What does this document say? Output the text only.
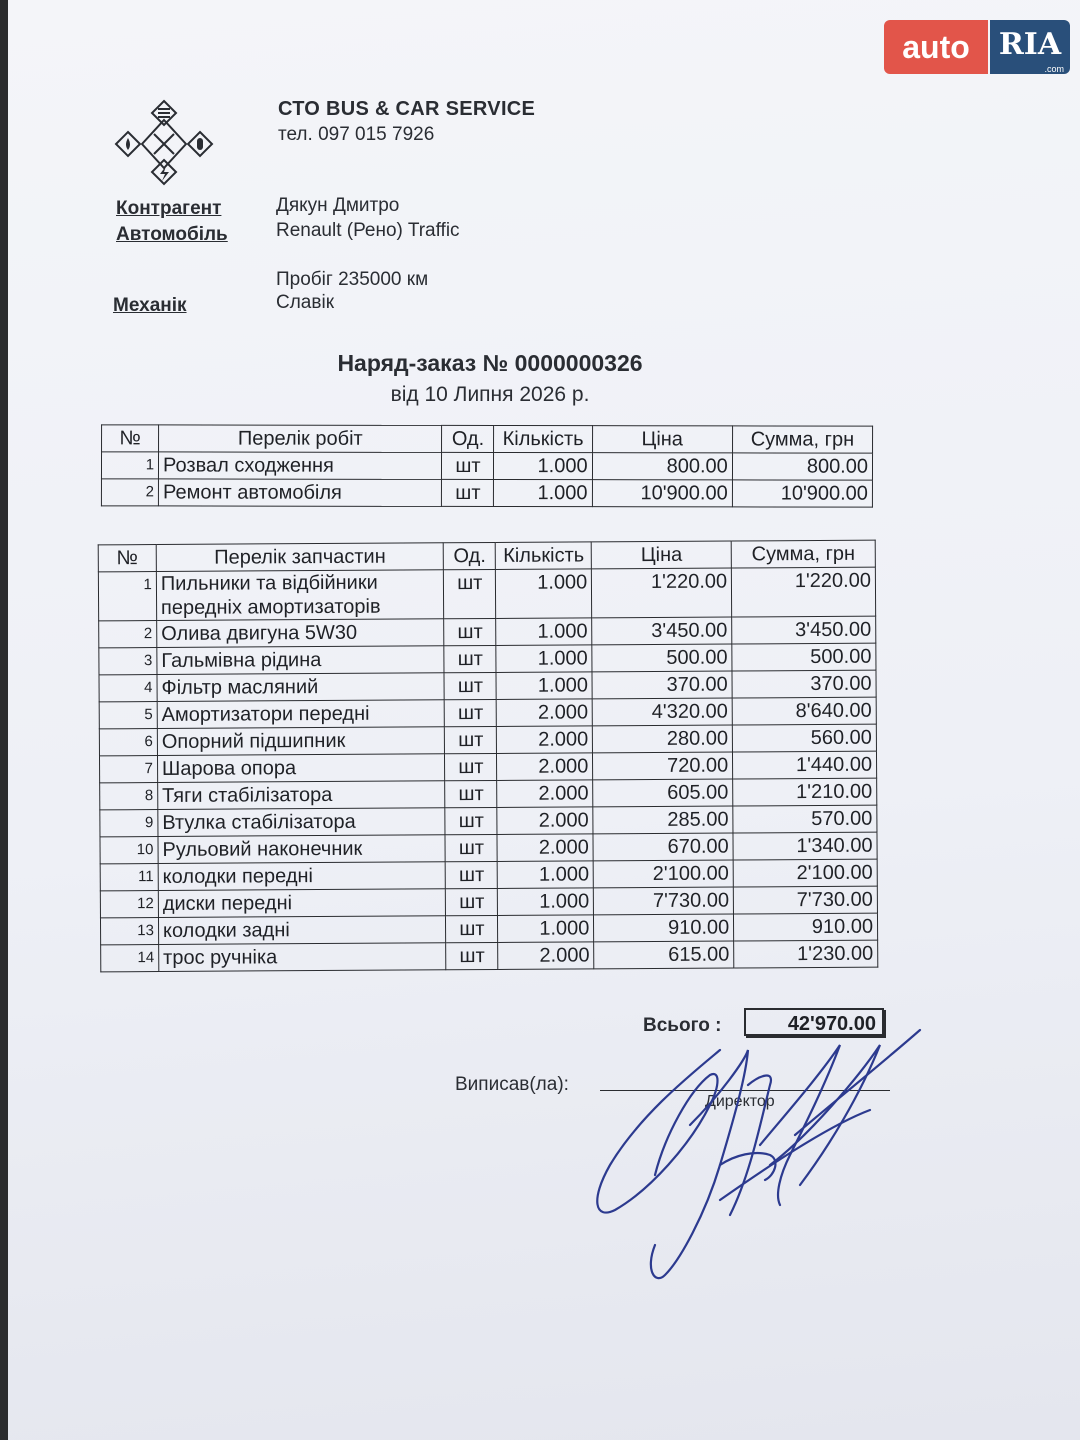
auto RIA
.com
СТО BUS & CAR SERVICE
тел. 097 015 7926
Контрагент	Дякун Дмитро
Автомобіль	Renault (Рено) Traffic
Пробіг 235000 км
Механік	Славік
Наряд-заказ № 0000000326
від 10 Липня 2026 р.
№	Перелік робіт	Од.	Кількість	Ціна	Сумма, грн
1	Розвал сходження	шт	1.000	800.00	800.00
2	Ремонт автомобіля	шт	1.000	10'900.00	10'900.00
№	Перелік запчастин	Од.	Кількість	Ціна	Сумма, грн
1	Пильники та відбійники передніх амортизаторів	шт	1.000	1'220.00	1'220.00
2	Олива двигуна 5W30	шт	1.000	3'450.00	3'450.00
3	Гальмівна рідина	шт	1.000	500.00	500.00
4	Фільтр масляний	шт	1.000	370.00	370.00
5	Амортизатори передні	шт	2.000	4'320.00	8'640.00
6	Опорний підшипник	шт	2.000	280.00	560.00
7	Шарова опора	шт	2.000	720.00	1'440.00
8	Тяги стабілізатора	шт	2.000	605.00	1'210.00
9	Втулка стабілізатора	шт	2.000	285.00	570.00
10	Рульовий наконечник	шт	2.000	670.00	1'340.00
11	колодки передні	шт	1.000	2'100.00	2'100.00
12	диски передні	шт	1.000	7'730.00	7'730.00
13	колодки задні	шт	1.000	910.00	910.00
14	трос ручніка	шт	2.000	615.00	1'230.00
Всього :	42'970.00
Виписав(ла):
Директор
